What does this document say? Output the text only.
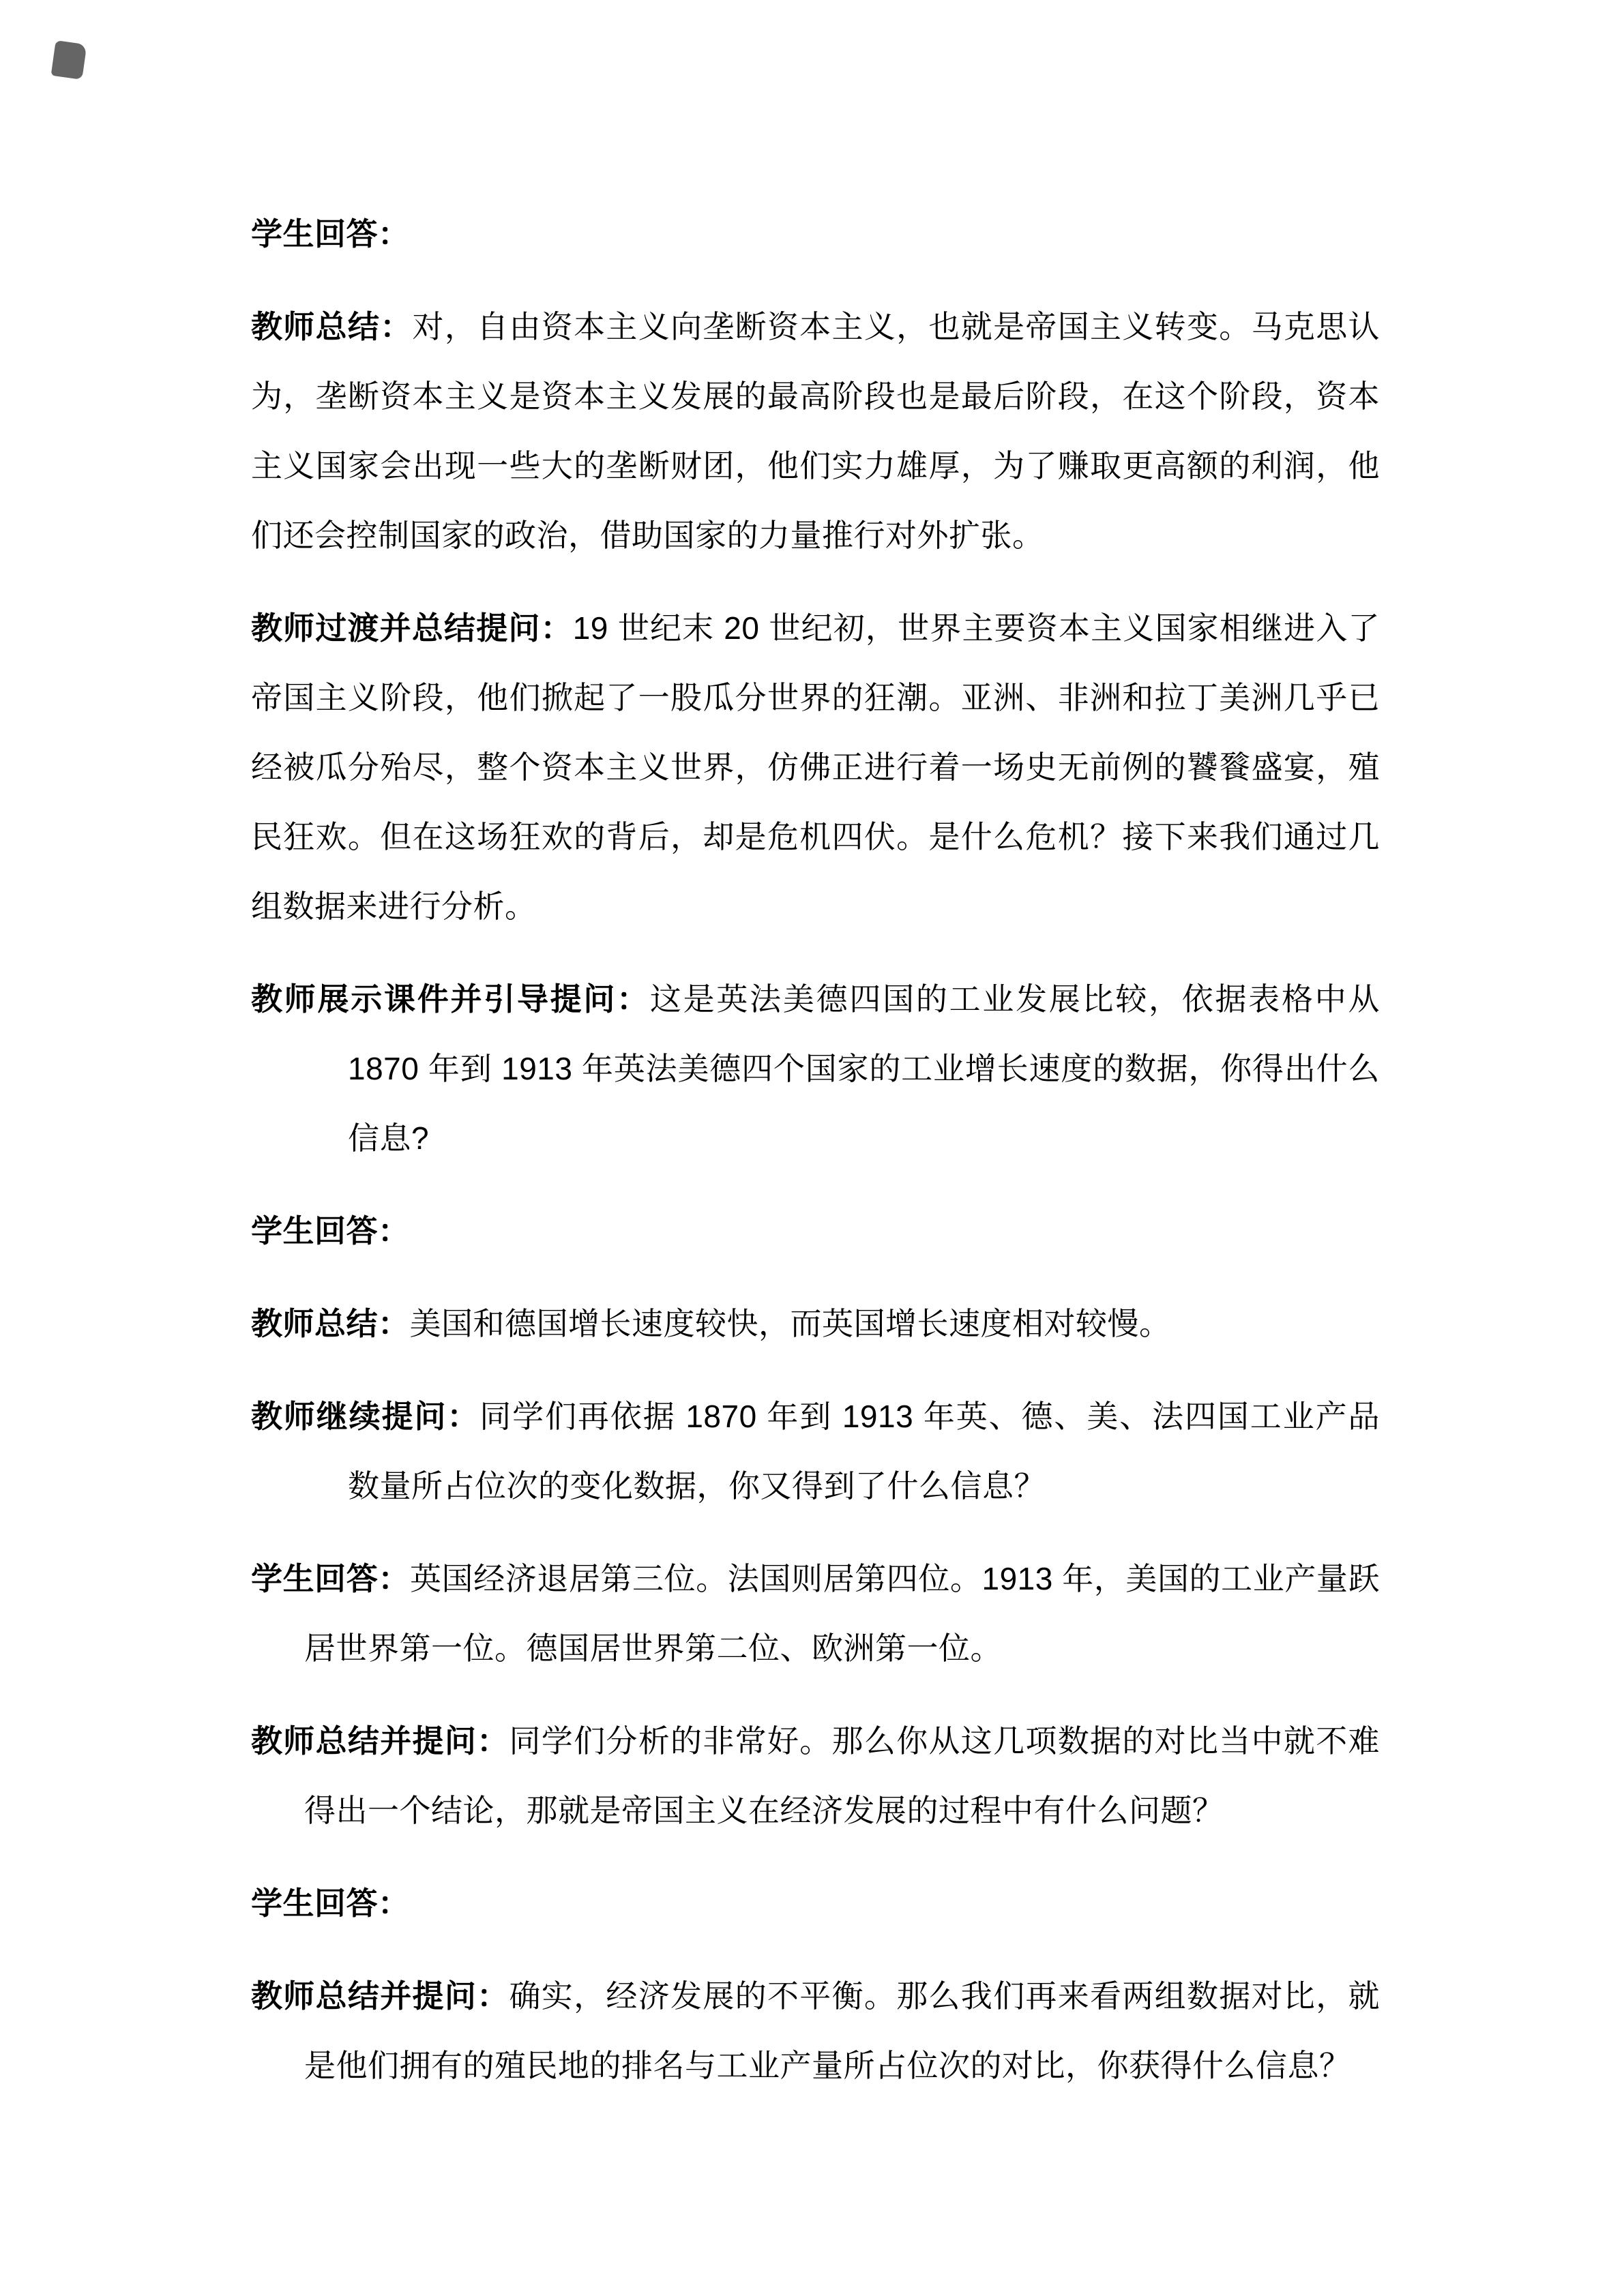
学生回答：

教师总结：对，自由资本主义向垄断资本主义，也就是帝国主义转变。马克思认为，垄断资本主义是资本主义发展的最高阶段也是最后阶段，在这个阶段，资本主义国家会出现一些大的垄断财团，他们实力雄厚，为了赚取更高额的利润，他们还会控制国家的政治，借助国家的力量推行对外扩张。

教师过渡并总结提问：19 世纪末 20 世纪初，世界主要资本主义国家相继进入了帝国主义阶段，他们掀起了一股瓜分世界的狂潮。亚洲、非洲和拉丁美洲几乎已经被瓜分殆尽，整个资本主义世界，仿佛正进行着一场史无前例的饕餮盛宴，殖民狂欢。但在这场狂欢的背后，却是危机四伏。是什么危机？接下来我们通过几组数据来进行分析。

教师展示课件并引导提问：这是英法美德四国的工业发展比较，依据表格中从 1870 年到 1913 年英法美德四个国家的工业增长速度的数据，你得出什么信息?

学生回答：

教师总结：美国和德国增长速度较快，而英国增长速度相对较慢。

教师继续提问：同学们再依据 1870 年到 1913 年英、德、美、法四国工业产品数量所占位次的变化数据，你又得到了什么信息？

学生回答：英国经济退居第三位。法国则居第四位。1913 年，美国的工业产量跃居世界第一位。德国居世界第二位、欧洲第一位。

教师总结并提问：同学们分析的非常好。那么你从这几项数据的对比当中就不难得出一个结论，那就是帝国主义在经济发展的过程中有什么问题？

学生回答：

教师总结并提问：确实，经济发展的不平衡。那么我们再来看两组数据对比，就是他们拥有的殖民地的排名与工业产量所占位次的对比，你获得什么信息？
